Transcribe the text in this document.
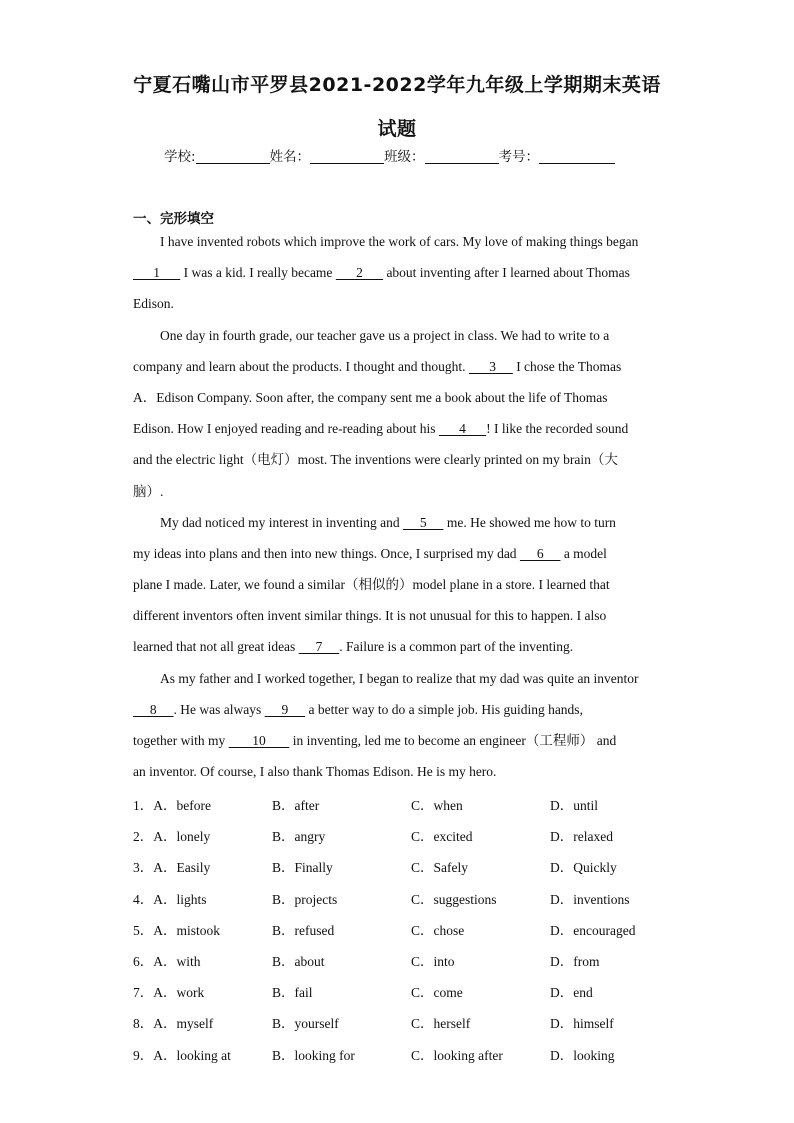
宁夏石嘴山市平罗县2021-2022学年九年级上学期期末英语
试题
学校:	姓名：	班级：	考号：
一、完形填空
I have invented robots which improve the work of cars. My love of making things began
1       I was a kid. I really became       2       about inventing after I learned about Thomas
Edison.
One day in fourth grade, our teacher gave us a project in class. We had to write to a
company and learn about the products. I thought and thought.       3      I chose the Thomas
A．Edison Company. Soon after, the company sent me a book about the life of Thomas
Edison. How I enjoyed reading and re-reading about his       4      ! I like the recorded sound
and the electric light（电灯）most. The inventions were clearly printed on my brain（大
脑）.
My dad noticed my interest in inventing and      5      me. He showed me how to turn
my ideas into plans and then into new things. Once, I surprised my dad      6      a model
plane I made. Later, we found a similar（相似的）model plane in a store. I learned that
different inventors often invent similar things. It is not unusual for this to happen. I also
learned that not all great ideas      7     . Failure is a common part of the inventing.
As my father and I worked together, I began to realize that my dad was quite an inventor
8     . He was always      9      a better way to do a simple job. His guiding hands,
together with my        10        in inventing, led me to become an engineer（工程师） and
an inventor. Of course, I also thank Thomas Edison. He is my hero.
1．A．before	B．after	C．when	D．until
2．A．lonely	B．angry	C．excited	D．relaxed
3．A．Easily	B．Finally	C．Safely	D．Quickly
4．A．lights	B．projects	C．suggestions	D．inventions
5．A．mistook	B．refused	C．chose	D．encouraged
6．A．with	B．about	C．into	D．from
7．A．work	B．fail	C．come	D．end
8．A．myself	B．yourself	C．herself	D．himself
9．A．looking at	B．looking for	C．looking after	D．looking
